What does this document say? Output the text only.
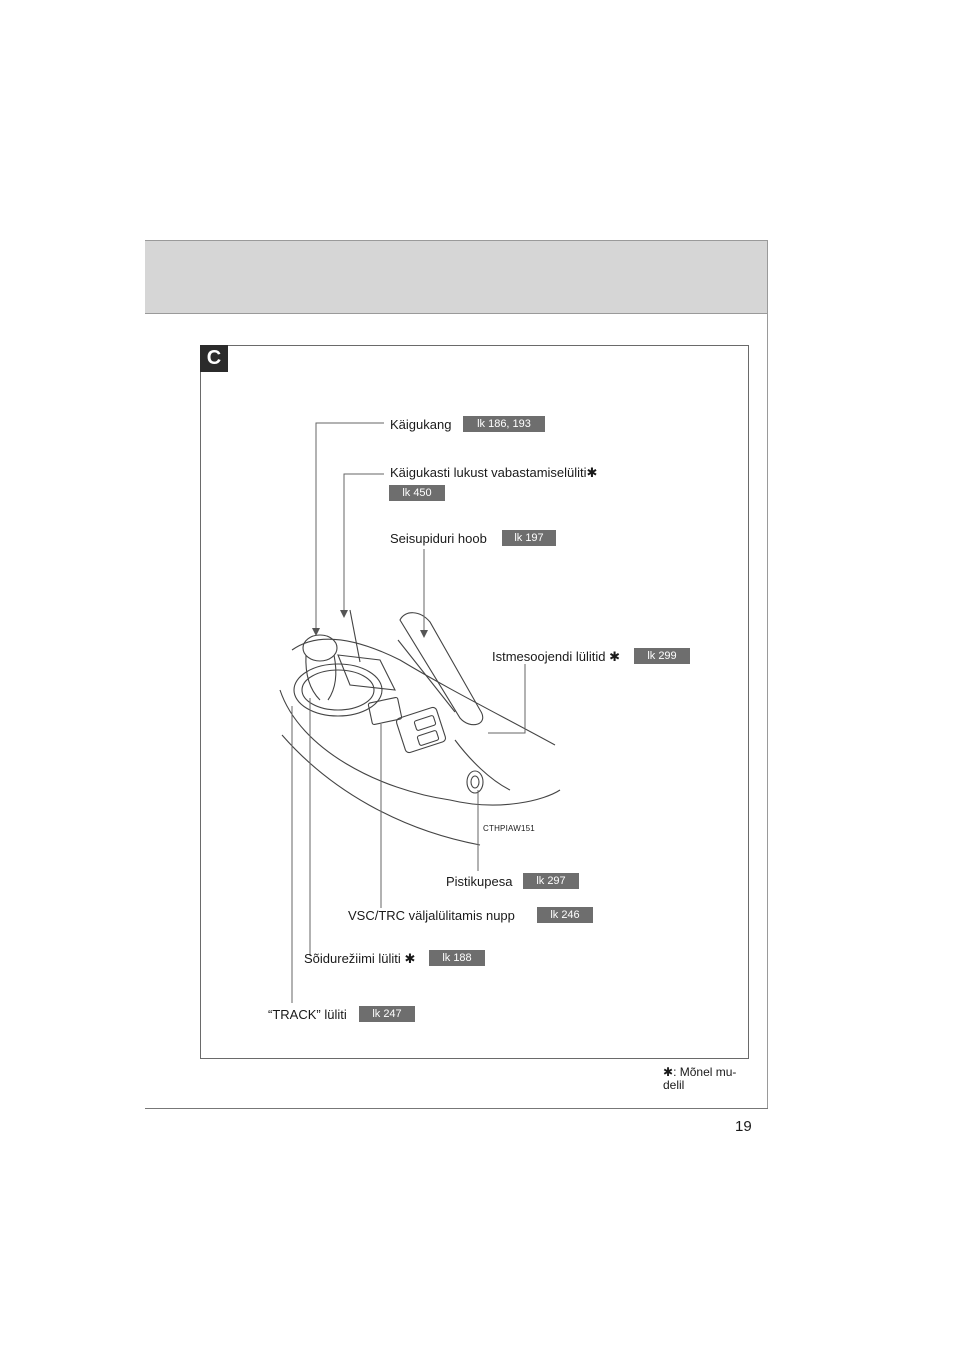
C
Käigukang	lk 186, 193
Käigukasti lukust vabastamiselüliti✱
lk 450
Seisupiduri hoob	lk 197
Istmesoojendi lülitid ✱	lk 299
CTHPIAW151
Pistikupesa	lk 297
VSC/TRC väljalülitamis nupp	lk 246
Sõidurežiimi lüliti ✱	lk 188
“TRACK” lüliti	lk 247
✱: Mõnel mu-
delil
19
